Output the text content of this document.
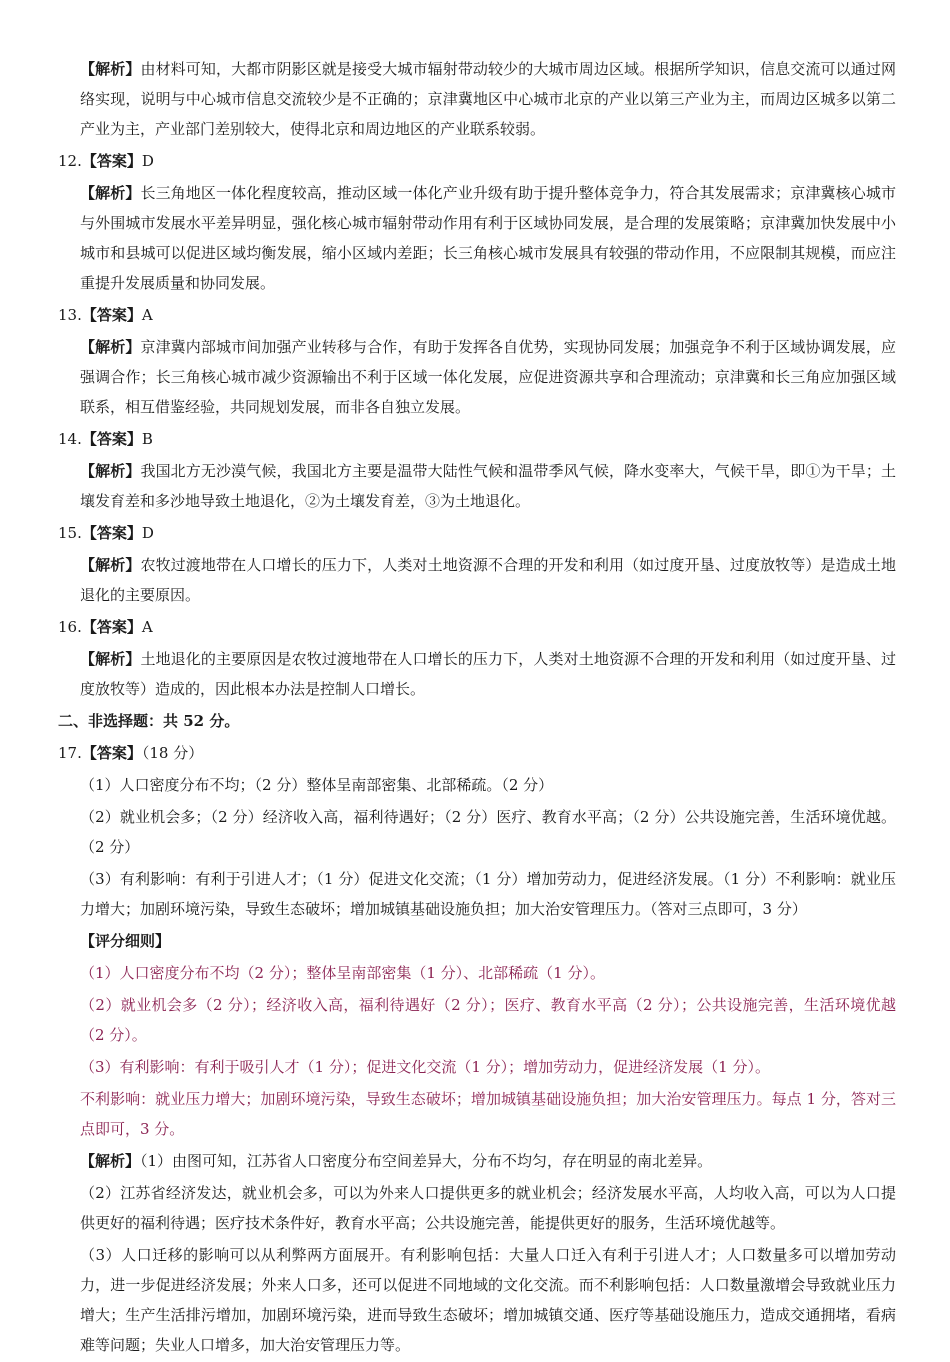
【解析】由材料可知，大都市阴影区就是接受大城市辐射带动较少的大城市周边区域。根据所学知识，信息交流可以通过网络实现，说明与中心城市信息交流较少是不正确的；京津冀地区中心城市北京的产业以第三产业为主，而周边区城多以第二产业为主，产业部门差别较大，使得北京和周边地区的产业联系较弱。

12.【答案】D

【解析】长三角地区一体化程度较高，推动区域一体化产业升级有助于提升整体竞争力，符合其发展需求；京津冀核心城市与外围城市发展水平差异明显，强化核心城市辐射带动作用有利于区域协同发展，是合理的发展策略；京津冀加快发展中小城市和县城可以促进区域均衡发展，缩小区域内差距；长三角核心城市发展具有较强的带动作用，不应限制其规模，而应注重提升发展质量和协同发展。

13.【答案】A

【解析】京津冀内部城市间加强产业转移与合作，有助于发挥各自优势，实现协同发展；加强竞争不利于区域协调发展，应强调合作；长三角核心城市减少资源输出不利于区域一体化发展，应促进资源共享和合理流动；京津冀和长三角应加强区域联系，相互借鉴经验，共同规划发展，而非各自独立发展。

14.【答案】B

【解析】我国北方无沙漠气候，我国北方主要是温带大陆性气候和温带季风气候，降水变率大，气候干旱，即①为干旱；土壤发育差和多沙地导致土地退化，②为土壤发育差，③为土地退化。

15.【答案】D

【解析】农牧过渡地带在人口增长的压力下，人类对土地资源不合理的开发和利用（如过度开垦、过度放牧等）是造成土地退化的主要原因。

16.【答案】A

【解析】土地退化的主要原因是农牧过渡地带在人口增长的压力下，人类对土地资源不合理的开发和利用（如过度开垦、过度放牧等）造成的，因此根本办法是控制人口增长。

二、非选择题：共 52 分。

17.【答案】（18 分）

（1）人口密度分布不均；（2 分）整体呈南部密集、北部稀疏。（2 分）

（2）就业机会多；（2 分）经济收入高，福利待遇好；（2 分）医疗、教育水平高；（2 分）公共设施完善，生活环境优越。（2 分）

（3）有利影响：有利于引进人才；（1 分）促进文化交流；（1 分）增加劳动力，促进经济发展。（1 分）不利影响：就业压力增大；加剧环境污染，导致生态破坏；增加城镇基础设施负担；加大治安管理压力。（答对三点即可，3 分）

【评分细则】

（1）人口密度分布不均（2 分）；整体呈南部密集（1 分）、北部稀疏（1 分）。

（2）就业机会多（2 分）；经济收入高，福利待遇好（2 分）；医疗、教育水平高（2 分）；公共设施完善，生活环境优越（2 分）。

（3）有利影响：有利于吸引人才（1 分）；促进文化交流（1 分）；增加劳动力，促进经济发展（1 分）。

不利影响：就业压力增大；加剧环境污染，导致生态破坏；增加城镇基础设施负担；加大治安管理压力。每点 1 分，答对三点即可，3 分。

【解析】（1）由图可知，江苏省人口密度分布空间差异大，分布不均匀，存在明显的南北差异。

（2）江苏省经济发达，就业机会多，可以为外来人口提供更多的就业机会；经济发展水平高，人均收入高，可以为人口提供更好的福利待遇；医疗技术条件好，教育水平高；公共设施完善，能提供更好的服务，生活环境优越等。

（3）人口迁移的影响可以从利弊两方面展开。有利影响包括：大量人口迁入有利于引进人才；人口数量多可以增加劳动力，进一步促进经济发展；外来人口多，还可以促进不同地域的文化交流。而不利影响包括：人口数量激增会导致就业压力增大；生产生活排污增加，加剧环境污染，进而导致生态破坏；增加城镇交通、医疗等基础设施压力，造成交通拥堵，看病难等问题；失业人口增多，加大治安管理压力等。
